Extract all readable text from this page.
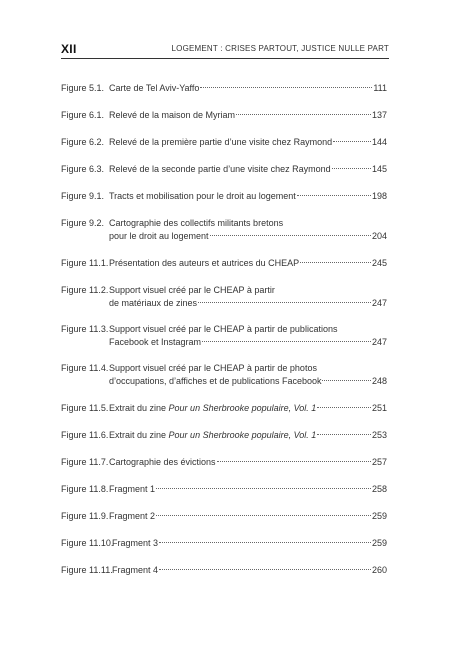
XII	LOGEMENT : CRISES PARTOUT, JUSTICE NULLE PART
Figure 5.1. Carte de Tel Aviv-Yaffo	111
Figure 6.1. Relevé de la maison de Myriam	137
Figure 6.2. Relevé de la première partie d’une visite chez Raymond	144
Figure 6.3. Relevé de la seconde partie d’une visite chez Raymond	145
Figure 9.1. Tracts et mobilisation pour le droit au logement	198
Figure 9.2. Cartographie des collectifs militants bretons
pour le droit au logement	204
Figure 11.1. Présentation des auteurs et autrices du CHEAP	245
Figure 11.2. Support visuel créé par le CHEAP à partir
de matériaux de zines	247
Figure 11.3. Support visuel créé par le CHEAP à partir de publications
Facebook et Instagram	247
Figure 11.4. Support visuel créé par le CHEAP à partir de photos
d’occupations, d’affiches et de publications Facebook	248
Figure 11.5. Extrait du zine
Pour un Sherbrooke populaire, Vol. 1	251
Figure 11.6. Extrait du zine
Pour un Sherbrooke populaire, Vol. 1	253
Figure 11.7. Cartographie des évictions	257
Figure 11.8. Fragment 1	258
Figure 11.9. Fragment 2	259
Figure 11.10.
Fragment 3	259
Figure 11.11. Fragment 4	260
